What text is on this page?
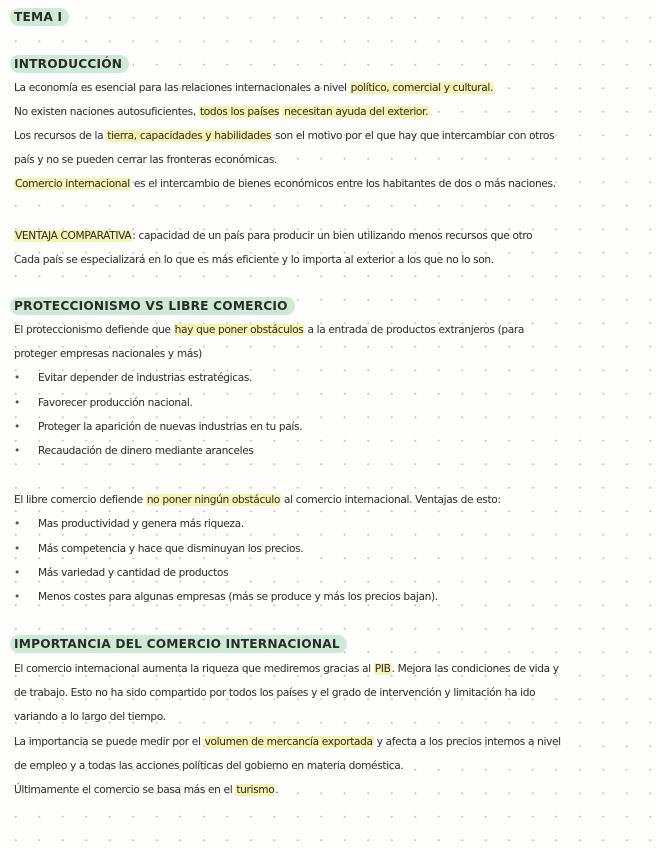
TEMA I
INTRODUCCIÓN
La economía es esencial para las relaciones internacionales a nivel político, comercial y cultural.
No existen naciones autosuficientes, todos los países necesitan ayuda del exterior.
Los recursos de la tierra, capacidades y habilidades son el motivo por el que hay que intercambiar con otros
país y no se pueden cerrar las fronteras económicas.
Comercio internacional es el intercambio de bienes económicos entre los habitantes de dos o más naciones.
VENTAJA COMPARATIVA: capacidad de un país para producir un bien utilizando menos recursos que otro
Cada país se especializará en lo que es más eficiente y lo importa al exterior a los que no lo son.
PROTECCIONISMO VS LIBRE COMERCIO
El proteccionismo defiende que hay que poner obstáculos a la entrada de productos extranjeros (para
proteger empresas nacionales y más)
• Evitar depender de industrias estratégicas.
• Favorecer producción nacional.
• Proteger la aparición de nuevas industrias en tu país.
• Recaudación de dinero mediante aranceles
El libre comercio defiende no poner ningún obstáculo al comercio internacional. Ventajas de esto:
• Mas productividad y genera más riqueza.
• Más competencia y hace que disminuyan los precios.
• Más variedad y cantidad de productos
• Menos costes para algunas empresas (más se produce y más los precios bajan).
IMPORTANCIA DEL COMERCIO INTERNACIONAL
El comercio internacional aumenta la riqueza que mediremos gracias al PIB. Mejora las condiciones de vida y
de trabajo. Esto no ha sido compartido por todos los países y el grado de intervención y limitación ha ido
variando a lo largo del tiempo.
La importancia se puede medir por el volumen de mercancía exportada y afecta a los precios internos a nivel
de empleo y a todas las acciones políticas del gobierno en materia doméstica.
Últimamente el comercio se basa más en el turismo.
